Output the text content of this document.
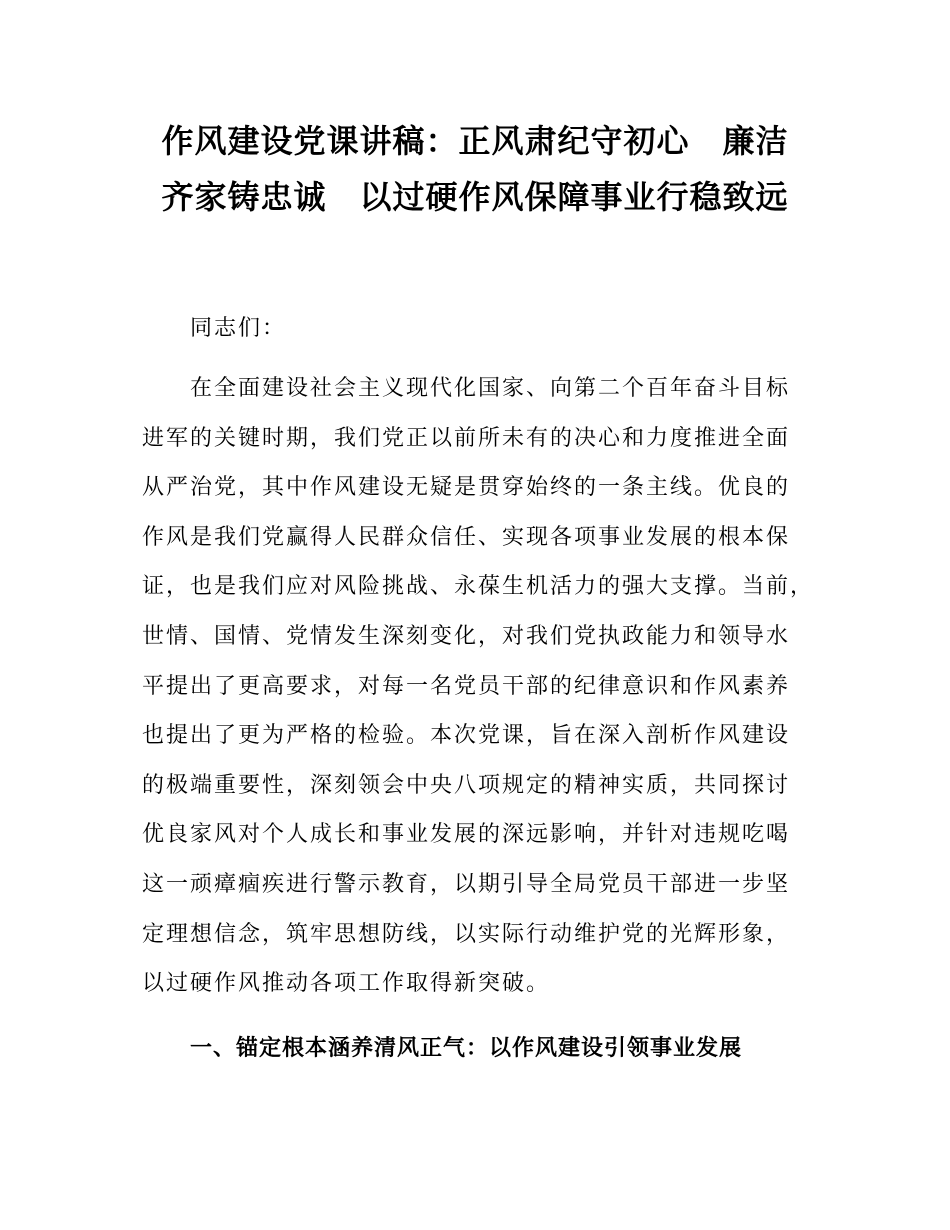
作风建设党课讲稿：正风肃纪守初心　廉洁
齐家铸忠诚　以过硬作风保障事业行稳致远

同志们：

在全面建设社会主义现代化国家、向第二个百年奋斗目标
进军的关键时期，我们党正以前所未有的决心和力度推进全面
从严治党，其中作风建设无疑是贯穿始终的一条主线。优良的
作风是我们党赢得人民群众信任、实现各项事业发展的根本保
证，也是我们应对风险挑战、永葆生机活力的强大支撑。当前，
世情、国情、党情发生深刻变化，对我们党执政能力和领导水
平提出了更高要求，对每一名党员干部的纪律意识和作风素养
也提出了更为严格的检验。本次党课，旨在深入剖析作风建设
的极端重要性，深刻领会中央八项规定的精神实质，共同探讨
优良家风对个人成长和事业发展的深远影响，并针对违规吃喝
这一顽瘴痼疾进行警示教育，以期引导全局党员干部进一步坚
定理想信念，筑牢思想防线，以实际行动维护党的光辉形象，
以过硬作风推动各项工作取得新突破。

一、锚定根本涵养清风正气：以作风建设引领事业发展
